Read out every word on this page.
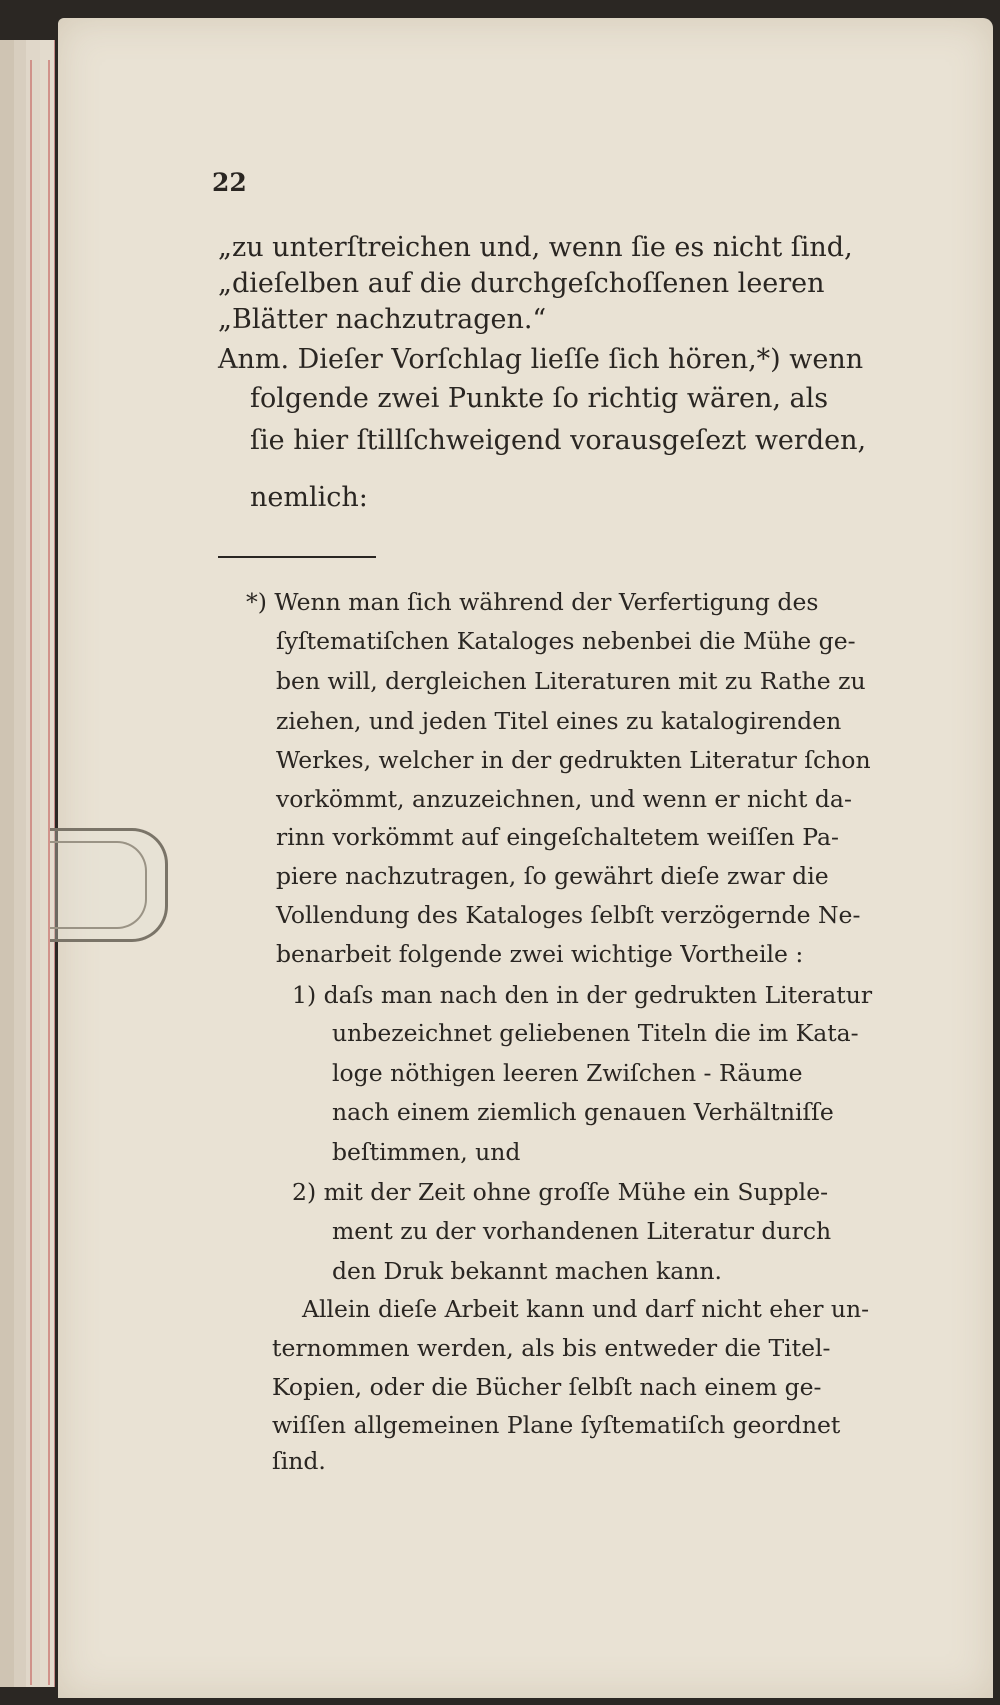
22
„zu unterſtreichen und, wenn ſie es nicht ſind,
„dieſelben auf die durchgeſchoſſenen leeren
„Blätter nachzutragen.“
Anm. Dieſer Vorſchlag lieſſe ſich hören,*) wenn
folgende zwei Punkte ſo richtig wären, als
ſie hier ſtillſchweigend vorausgeſezt werden,
nemlich:
*) Wenn man ſich während der Verfertigung des
ſyſtematiſchen Kataloges nebenbei die Mühe ge-
ben will, dergleichen Literaturen mit zu Rathe zu
ziehen, und jeden Titel eines zu katalogirenden
Werkes, welcher in der gedrukten Literatur ſchon
vorkömmt, anzuzeichnen, und wenn er nicht da-
rinn vorkömmt auf eingeſchaltetem weiſſen Pa-
piere nachzutragen, ſo gewährt dieſe zwar die
Vollendung des Kataloges ſelbſt verzögernde Ne-
benarbeit folgende zwei wichtige Vortheile :
1) daſs man nach den in der gedrukten Literatur
unbezeichnet geliebenen Titeln die im Kata-
loge nöthigen leeren Zwiſchen - Räume
nach einem ziemlich genauen Verhältniſſe
beſtimmen, und
2) mit der Zeit ohne groſſe Mühe ein Supple-
ment zu der vorhandenen Literatur durch
den Druk bekannt machen kann.
Allein dieſe Arbeit kann und darf nicht eher un-
ternommen werden, als bis entweder die Titel-
Kopien, oder die Bücher ſelbſt nach einem ge-
wiſſen allgemeinen Plane ſyſtematiſch geordnet
ſind.
